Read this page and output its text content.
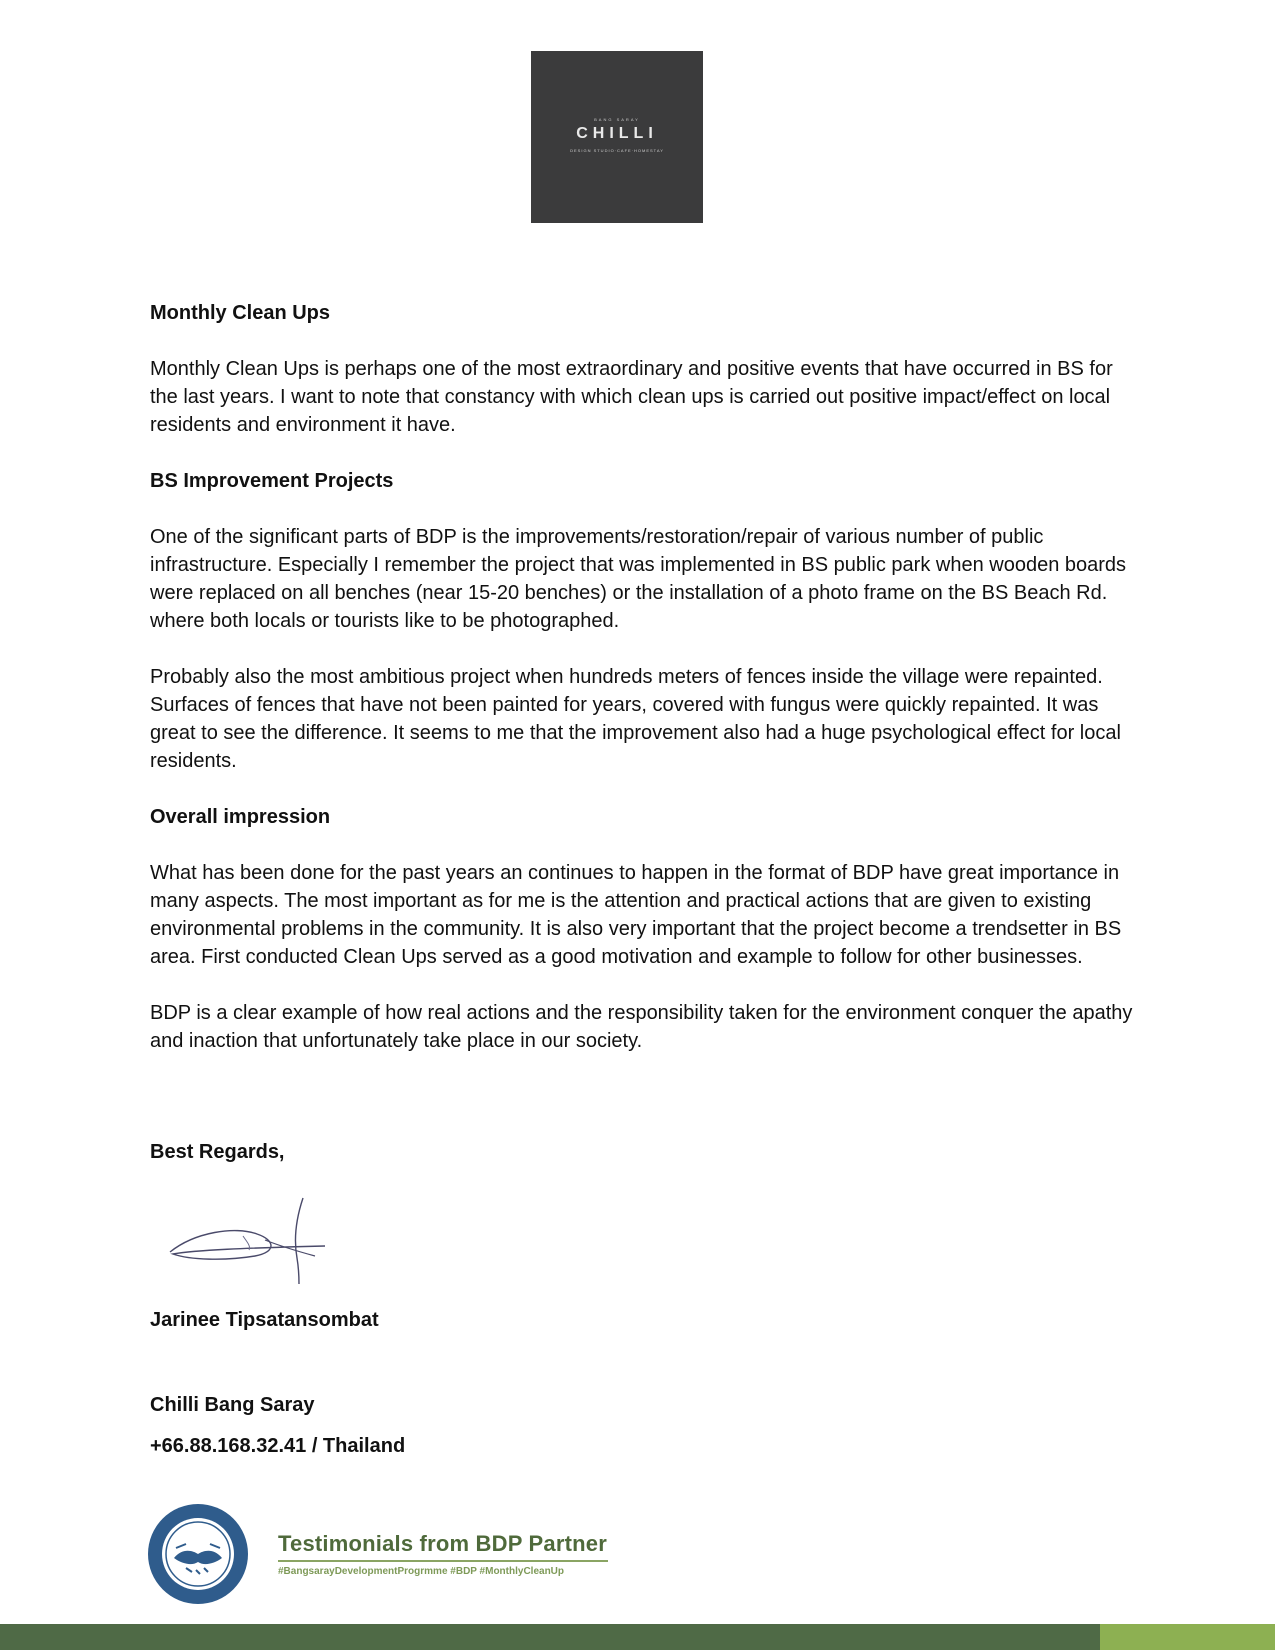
BANG SARAY
CHILLI
DESIGN STUDIO·CAFE·HOMESTAY
Monthly Clean Ups

Monthly Clean Ups is perhaps one of the most extraordinary and positive events that have occurred in BS for the last years. I want to note that constancy with which clean ups is carried out positive impact/effect on local residents and environment it have.

BS Improvement Projects

One of the significant parts of BDP is the improvements/restoration/repair of various number of public infrastructure. Especially I remember the project that was implemented in BS public park when wooden boards were replaced on all benches (near 15-20 benches) or the installation of a photo frame on the BS Beach Rd. where both locals or tourists like to be photographed.

Probably also the most ambitious project when hundreds meters of fences inside the village were repainted. Surfaces of fences that have not been painted for years, covered with fungus were quickly repainted. It was great to see the difference. It seems to me that the improvement also had a huge psychological effect for local residents.

Overall impression

What has been done for the past years an continues to happen in the format of BDP have great importance in many aspects. The most important as for me is the attention and practical actions that are given to existing environmental problems in the community. It is also very important that the project become a trendsetter in BS area. First conducted Clean Ups served as a good motivation and example to follow for other businesses.

BDP is a clear example of how real actions and the responsibility taken for the environment conquer the apathy and inaction that unfortunately take place in our society.

Best Regards,
Jarinee Tipsatansombat
Chilli Bang Saray
+66.88.168.32.41 / Thailand
Testimonials from BDP Partner
#BangsarayDevelopmentProgrmme #BDP #MonthlyCleanUp
